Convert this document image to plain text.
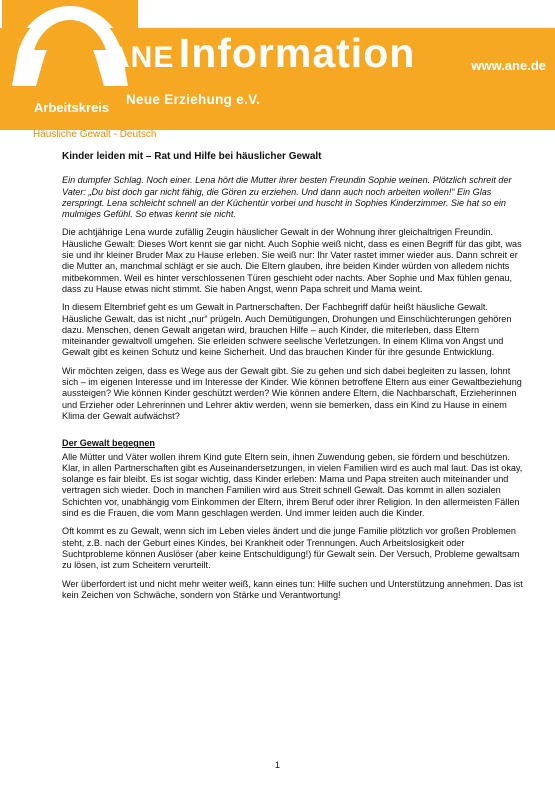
ANE Information	www.ane.de
Neue Erziehung e.V.
Arbeitskreis
Häusliche Gewalt - Deutsch
Kinder leiden mit – Rat und Hilfe bei häuslicher Gewalt

Ein dumpfer Schlag. Noch einer. Lena hört die Mutter ihrer besten Freundin Sophie weinen. Plötzlich schreit der Vater: „Du bist doch gar nicht fähig, die Gören zu erziehen. Und dann auch noch arbeiten wollen!“ Ein Glas zerspringt. Lena schleicht schnell an der Küchentür vorbei und huscht in Sophies Kinderzimmer. Sie hat so ein mulmiges Gefühl. So etwas kennt sie nicht.

Die achtjährige Lena wurde zufällig Zeugin häuslicher Gewalt in der Wohnung ihrer gleichaltrigen Freundin. Häusliche Gewalt: Dieses Wort kennt sie gar nicht. Auch Sophie weiß nicht, dass es einen Begriff für das gibt, was sie und ihr kleiner Bruder Max zu Hause erleben. Sie weiß nur: Ihr Vater rastet immer wieder aus. Dann schreit er die Mutter an, manchmal schlägt er sie auch. Die Eltern glauben, ihre beiden Kinder würden von alledem nichts mitbekommen. Weil es hinter verschlossenen Türen geschieht oder nachts. Aber Sophie und Max fühlen genau, dass zu Hause etwas nicht stimmt. Sie haben Angst, wenn Papa schreit und Mama weint.

In diesem Elternbrief geht es um Gewalt in Partnerschaften. Der Fachbegriff dafür heißt häusliche Gewalt. Häusliche Gewalt, das ist nicht „nur“ prügeln. Auch Demütigungen, Drohungen und Einschüchterungen gehören dazu. Menschen, denen Gewalt angetan wird, brauchen Hilfe – auch Kinder, die miterleben, dass Eltern miteinander gewaltvoll umgehen. Sie erleiden schwere seelische Verletzungen. In einem Klima von Angst und Gewalt gibt es keinen Schutz und keine Sicherheit. Und das brauchen Kinder für ihre gesunde Entwicklung.

Wir möchten zeigen, dass es Wege aus der Gewalt gibt. Sie zu gehen und sich dabei begleiten zu lassen, lohnt sich – im eigenen Interesse und im Interesse der Kinder. Wie können betroffene Eltern aus einer Gewaltbeziehung aussteigen? Wie können Kinder geschützt werden? Wie können andere Eltern, die Nachbarschaft, Erzieherinnen und Erzieher oder Lehrerinnen und Lehrer aktiv werden, wenn sie bemerken, dass ein Kind zu Hause in einem Klima der Gewalt aufwächst?

Der Gewalt begegnen

Alle Mütter und Väter wollen ihrem Kind gute Eltern sein, ihnen Zuwendung geben, sie fördern und beschützen. Klar, in allen Partnerschaften gibt es Auseinandersetzungen, in vielen Familien wird es auch mal laut. Das ist okay, solange es fair bleibt. Es ist sogar wichtig, dass Kinder erleben: Mama und Papa streiten auch miteinander und vertragen sich wieder. Doch in manchen Familien wird aus Streit schnell Gewalt. Das kommt in allen sozialen Schichten vor, unabhängig vom Einkommen der Eltern, ihrem Beruf oder ihrer Religion. In den allermeisten Fällen sind es die Frauen, die vom Mann geschlagen werden. Und immer leiden auch die Kinder.

Oft kommt es zu Gewalt, wenn sich im Leben vieles ändert und die junge Familie plötzlich vor großen Problemen steht, z.B. nach der Geburt eines Kindes, bei Krankheit oder Trennungen. Auch Arbeitslosigkeit oder Suchtprobleme können Auslöser (aber keine Entschuldigung!) für Gewalt sein. Der Versuch, Probleme gewaltsam zu lösen, ist zum Scheitern verurteilt.

Wer überfordert ist und nicht mehr weiter weiß, kann eines tun: Hilfe suchen und Unterstützung annehmen. Das ist kein Zeichen von Schwäche, sondern von Stärke und Verantwortung!

1
